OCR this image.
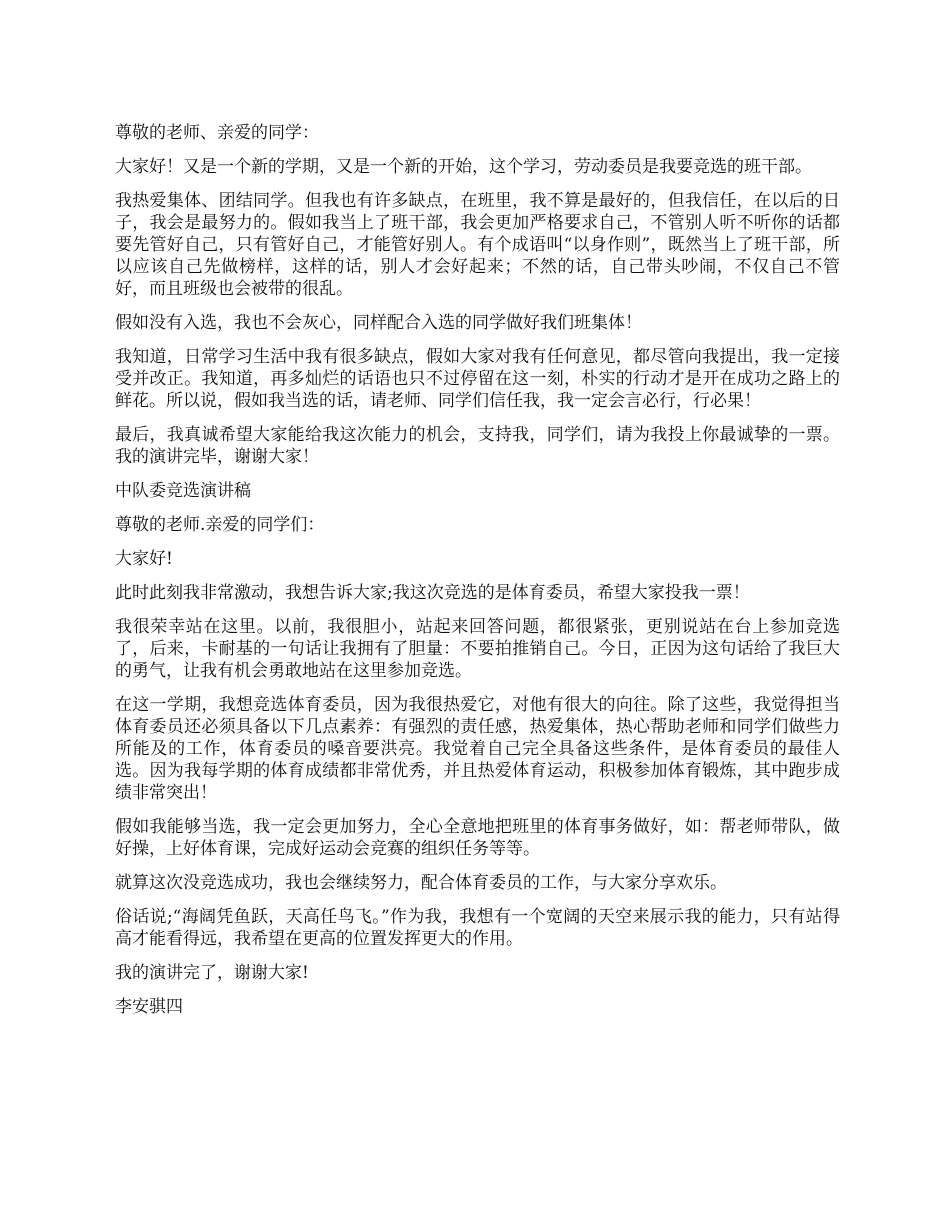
尊敬的老师、亲爱的同学：

大家好！又是一个新的学期，又是一个新的开始，这个学习，劳动委员是我要竞选的班干部。

我热爱集体、团结同学。但我也有许多缺点，在班里，我不算是最好的，但我信任，在以后的日子，我会是最努力的。假如我当上了班干部，我会更加严格要求自己，不管别人听不听你的话都要先管好自己，只有管好自己，才能管好别人。有个成语叫“以身作则”，既然当上了班干部，所以应该自己先做榜样，这样的话，别人才会好起来；不然的话，自己带头吵闹，不仅自己不管好，而且班级也会被带的很乱。

假如没有入选，我也不会灰心，同样配合入选的同学做好我们班集体！

我知道，日常学习生活中我有很多缺点，假如大家对我有任何意见，都尽管向我提出，我一定接受并改正。我知道，再多灿烂的话语也只不过停留在这一刻，朴实的行动才是开在成功之路上的鲜花。所以说，假如我当选的话，请老师、同学们信任我，我一定会言必行，行必果！

最后，我真诚希望大家能给我这次能力的机会，支持我，同学们，请为我投上你最诚挚的一票。我的演讲完毕，谢谢大家！

中队委竞选演讲稿

尊敬的老师.亲爱的同学们：

大家好!

此时此刻我非常激动，我想告诉大家;我这次竞选的是体育委员，希望大家投我一票！

我很荣幸站在这里。以前，我很胆小，站起来回答问题，都很紧张，更别说站在台上参加竞选了，后来，卡耐基的一句话让我拥有了胆量：不要拍推销自己。今日，正因为这句话给了我巨大的勇气，让我有机会勇敢地站在这里参加竞选。

在这一学期，我想竞选体育委员，因为我很热爱它，对他有很大的向往。除了这些，我觉得担当体育委员还必须具备以下几点素养：有强烈的责任感，热爱集体，热心帮助老师和同学们做些力所能及的工作，体育委员的嗓音要洪亮。我觉着自己完全具备这些条件，是体育委员的最佳人选。因为我每学期的体育成绩都非常优秀，并且热爱体育运动，积极参加体育锻炼，其中跑步成绩非常突出！

假如我能够当选，我一定会更加努力，全心全意地把班里的体育事务做好，如：帮老师带队，做好操，上好体育课，完成好运动会竞赛的组织任务等等。

就算这次没竞选成功，我也会继续努力，配合体育委员的工作，与大家分享欢乐。

俗话说;“海阔凭鱼跃，天高任鸟飞。”作为我，我想有一个宽阔的天空来展示我的能力，只有站得高才能看得远，我希望在更高的位置发挥更大的作用。

我的演讲完了，谢谢大家!

李安骐四
